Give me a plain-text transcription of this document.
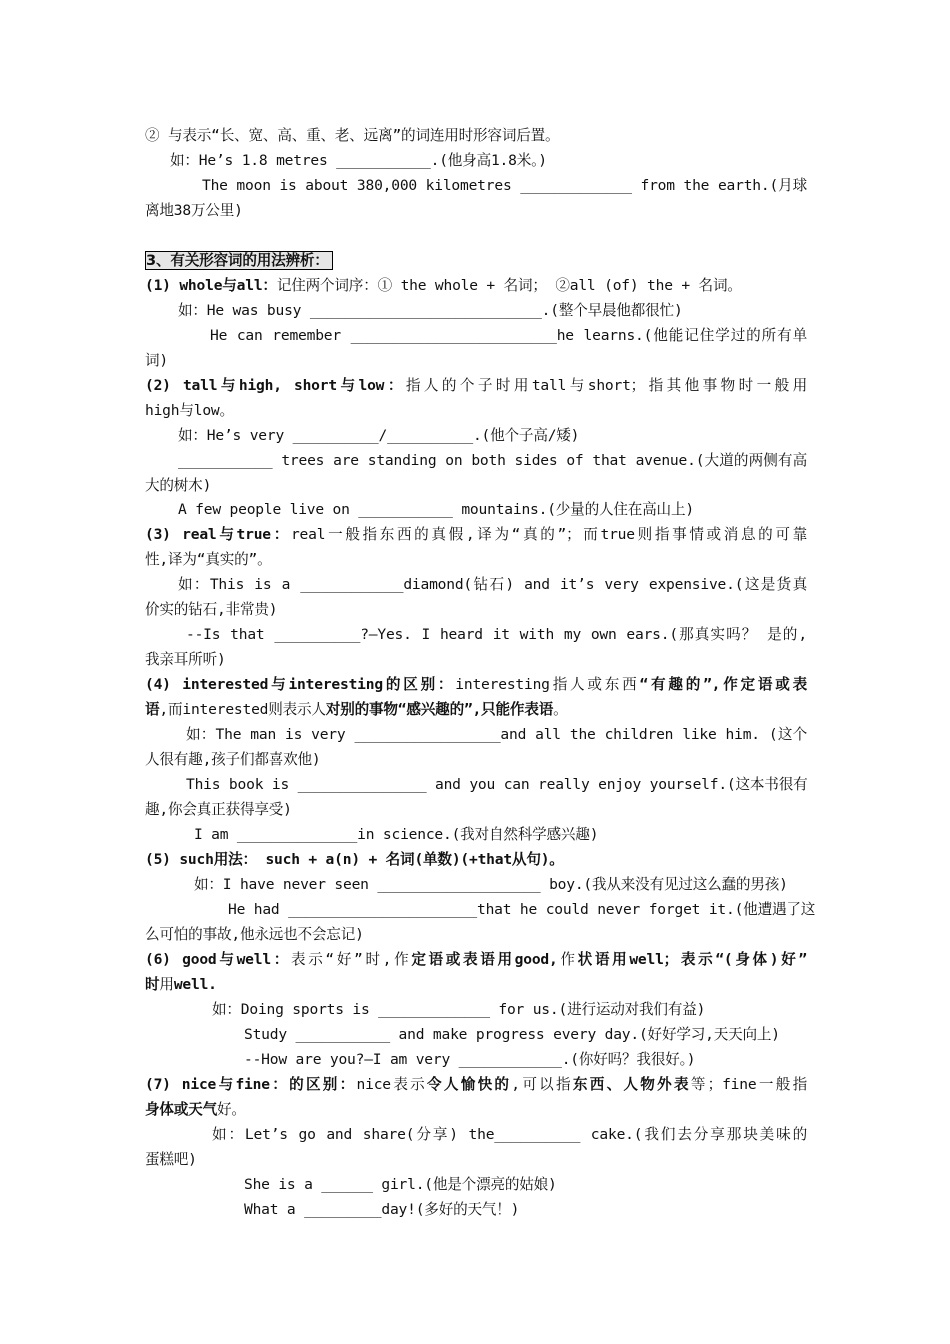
② 与表示“长、宽、高、重、老、远离”的词连用时形容词后置。
如：He’s 1.8 metres ___________.(他身高1.8米。)
The moon is about 380,000 kilometres _____________ from the earth.(月球
离地38万公里)
3、有关形容词的用法辨析：
(1) whole与all：记住两个词序：① the whole + 名词； ②all (of) the + 名词。
如：He was busy ___________________________.(整个早晨他都很忙)
He can remember ________________________he learns.(他能记住学过的所有单
词)
(2) tall与high, short与low：指人的个子时用tall与short；指其他事物时一般用
high与low。
如：He’s very __________/__________.(他个子高/矮)
___________ trees are standing on both sides of that avenue.(大道的两侧有高
大的树木)
A few people live on ___________ mountains.(少量的人住在高山上)
(3) real与true：real一般指东西的真假,译为“真的”；而true则指事情或消息的可靠
性,译为“真实的”。
如：This is a ____________diamond(钻石) and it’s very expensive.(这是货真
价实的钻石,非常贵)
--Is that __________?—Yes. I heard it with my own ears.(那真实吗？ 是的,
我亲耳所听)
(4) interested与interesting的区别：interesting指人或东西“有趣的”,作定语或表
语,而interested则表示人对别的事物“感兴趣的”,只能作表语。
如：The man is very _________________and all the children like him. (这个
人很有趣,孩子们都喜欢他)
This book is _______________ and you can really enjoy yourself.(这本书很有
趣,你会真正获得享受)
I am ______________in science.(我对自然科学感兴趣)
(5) such用法： such + a(n) + 名词(单数)(+that从句)。
如：I have never seen ___________________ boy.(我从来没有见过这么蠢的男孩)
He had ______________________that he could never forget it.(他遭遇了这
么可怕的事故,他永远也不会忘记)
(6) good与well：表示“好”时,作定语或表语用good,作状语用well；表示“(身体)好”
时用well.
如：Doing sports is _____________ for us.(进行运动对我们有益)
Study ___________ and make progress every day.(好好学习,天天向上)
--How are you?—I am very ____________.(你好吗？我很好。)
(7) nice与fine：的区别：nice表示令人愉快的,可以指东西、人物外表等；fine一般指
身体或天气好。
如：Let’s go and share(分享) the__________ cake.(我们去分享那块美味的
蛋糕吧)
She is a ______ girl.(他是个漂亮的姑娘)
What a _________day!(多好的天气！)
